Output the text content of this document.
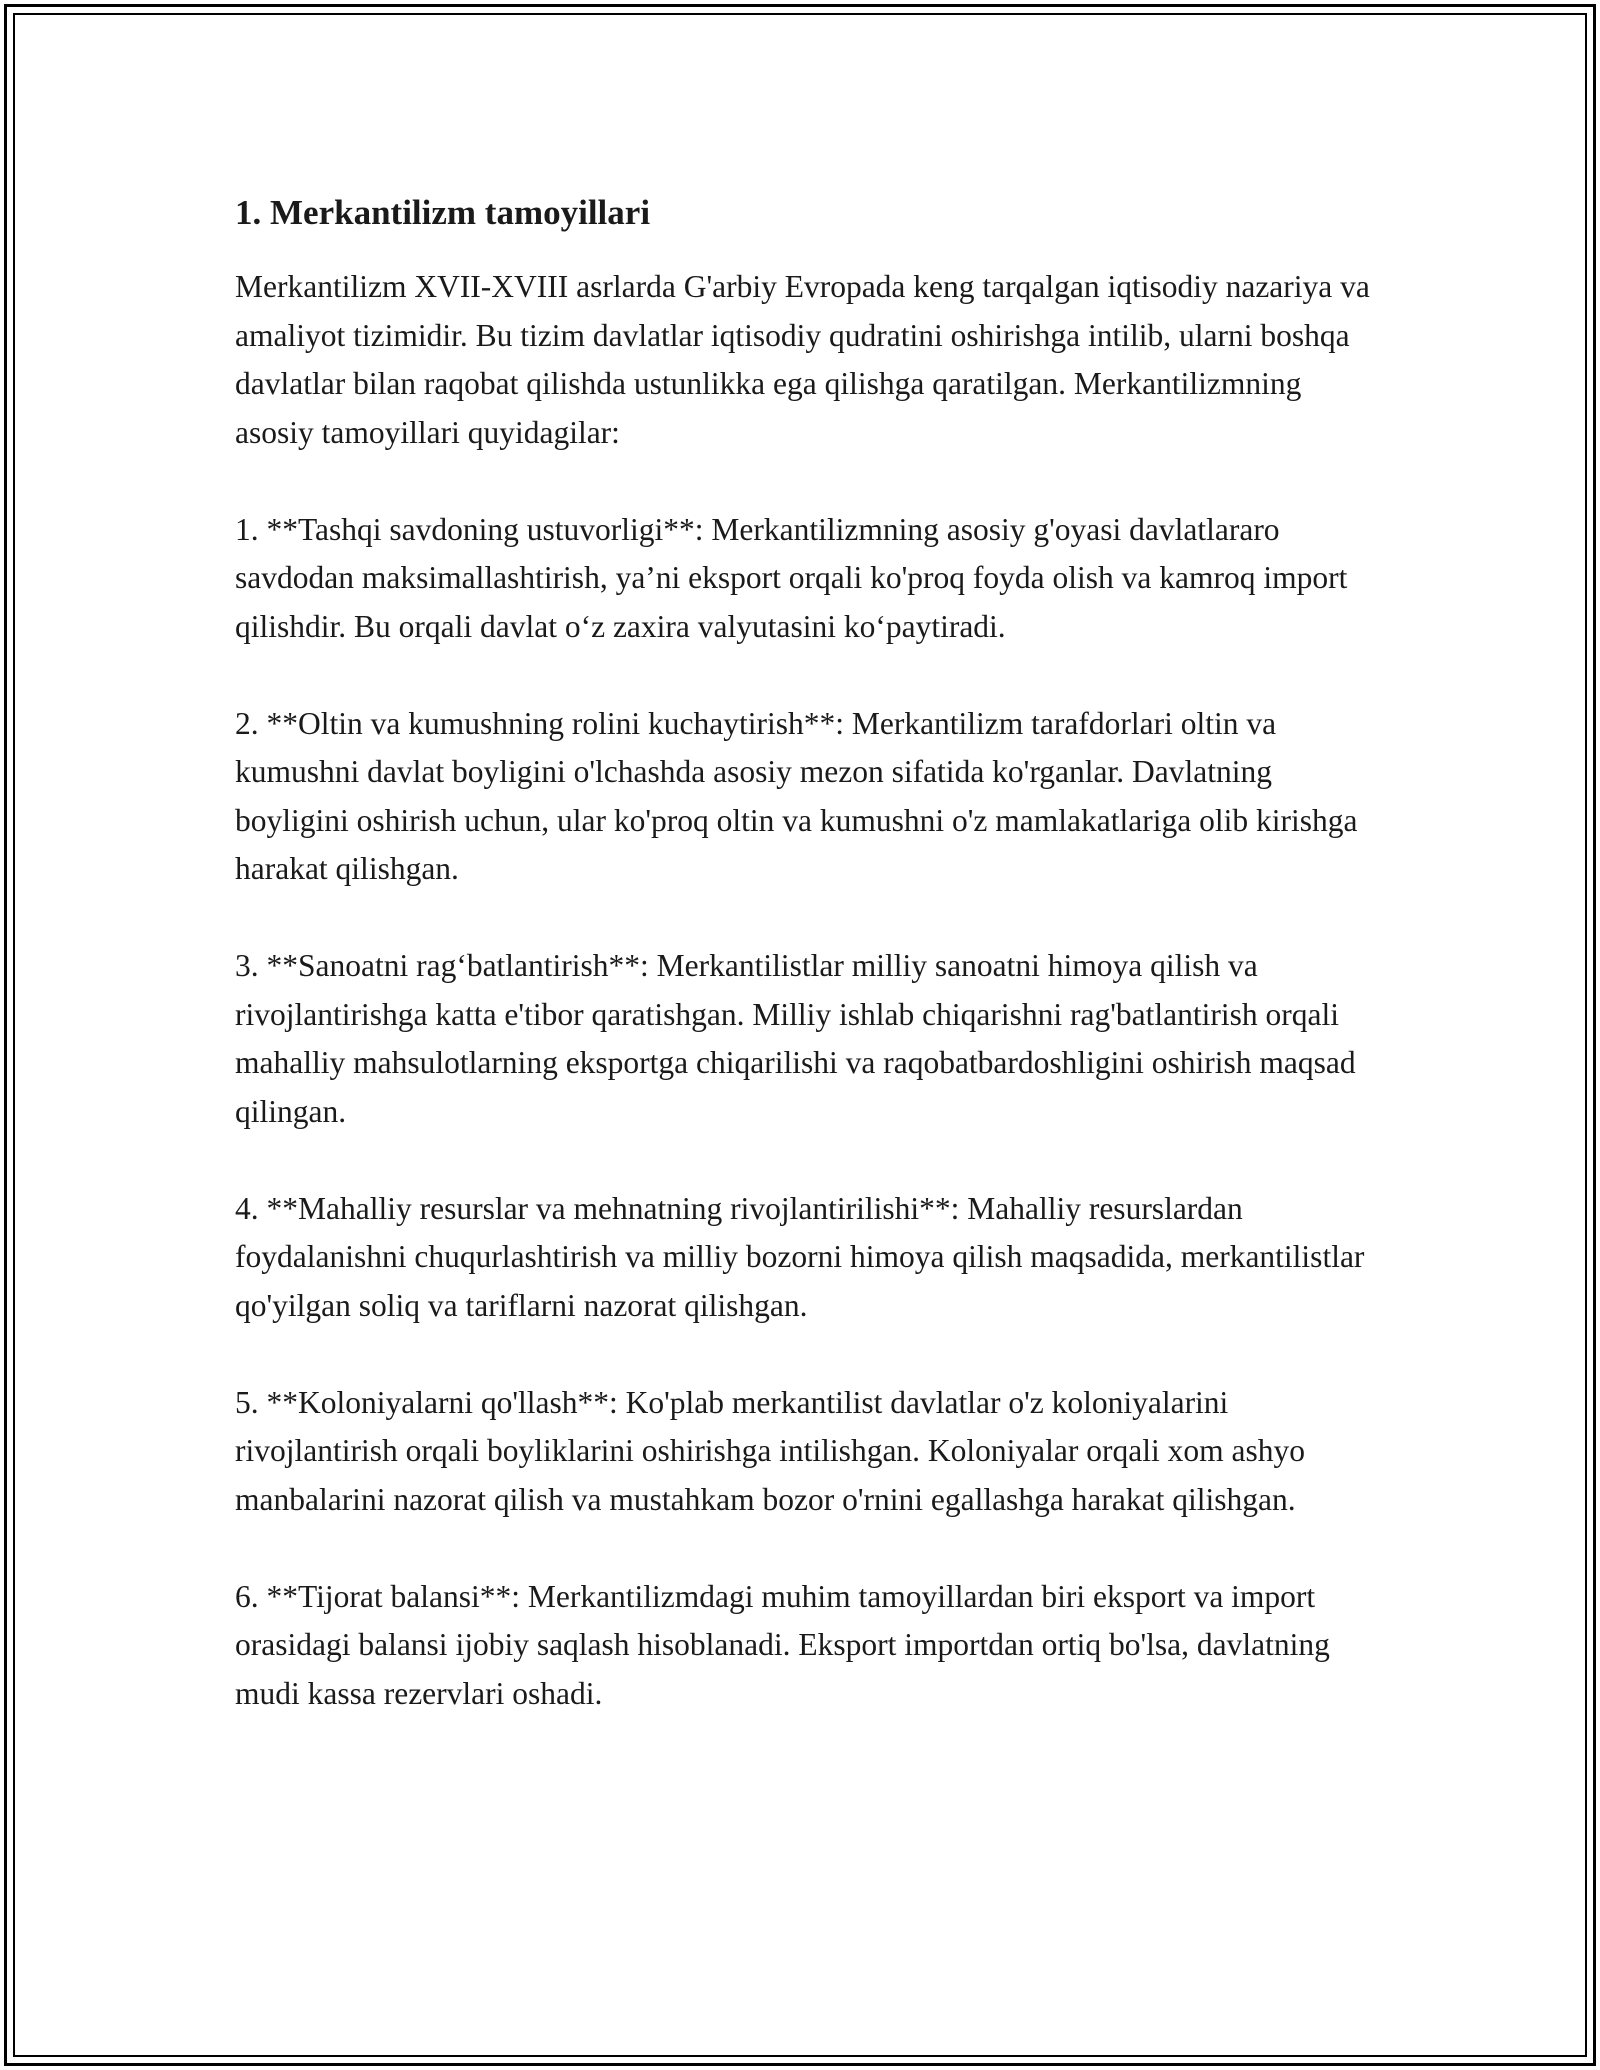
1. Merkantilizm tamoyillari

Merkantilizm XVII-XVIII asrlarda G'arbiy Evropada keng tarqalgan iqtisodiy nazariya va amaliyot tizimidir. Bu tizim davlatlar iqtisodiy qudratini oshirishga intilib, ularni boshqa davlatlar bilan raqobat qilishda ustunlikka ega qilishga qaratilgan. Merkantilizmning asosiy tamoyillari quyidagilar:

1. **Tashqi savdoning ustuvorligi**: Merkantilizmning asosiy g'oyasi davlatlararo savdodan maksimallashtirish, ya’ni eksport orqali ko'proq foyda olish va kamroq import qilishdir. Bu orqali davlat o‘z zaxira valyutasini ko‘paytiradi.

2. **Oltin va kumushning rolini kuchaytirish**: Merkantilizm tarafdorlari oltin va kumushni davlat boyligini o'lchashda asosiy mezon sifatida ko'rganlar. Davlatning boyligini oshirish uchun, ular ko'proq oltin va kumushni o'z mamlakatlariga olib kirishga harakat qilishgan.

3. **Sanoatni rag‘batlantirish**: Merkantilistlar milliy sanoatni himoya qilish va rivojlantirishga katta e'tibor qaratishgan. Milliy ishlab chiqarishni rag'batlantirish orqali mahalliy mahsulotlarning eksportga chiqarilishi va raqobatbardoshligini oshirish maqsad qilingan.

4. **Mahalliy resurslar va mehnatning rivojlantirilishi**: Mahalliy resurslardan foydalanishni chuqurlashtirish va milliy bozorni himoya qilish maqsadida, merkantilistlar qo'yilgan soliq va tariflarni nazorat qilishgan.

5. **Koloniyalarni qo'llash**: Ko'plab merkantilist davlatlar o'z koloniyalarini rivojlantirish orqali boyliklarini oshirishga intilishgan. Koloniyalar orqali xom ashyo manbalarini nazorat qilish va mustahkam bozor o'rnini egallashga harakat qilishgan.

6. **Tijorat balansi**: Merkantilizmdagi muhim tamoyillardan biri eksport va import orasidagi balansi ijobiy saqlash hisoblanadi. Eksport importdan ortiq bo'lsa, davlatning mudi kassa rezervlari oshadi.
